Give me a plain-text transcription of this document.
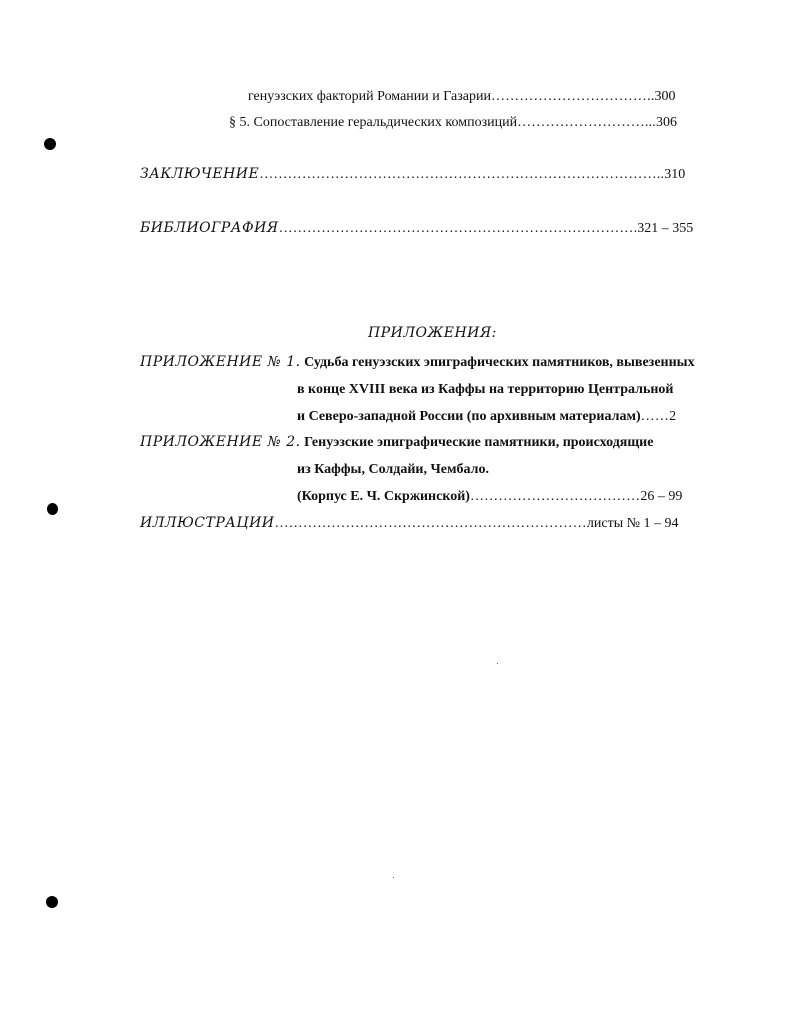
генуэзских факторий Романии и Газарии……………………………..300
§ 5. Сопоставление геральдических композиций………………………...306
ЗАКЛЮЧЕНИЕ…………………………………………………………………………..310
БИБЛИОГРАФИЯ………………………………………………………………….321 – 355
ПРИЛОЖЕНИЯ:
ПРИЛОЖЕНИЕ № 1. Судьба генуэзских эпиграфических памятников, вывезенных
в конце XVIII века из Каффы на территорию Центральной
и Северо-западной России (по архивным материалам)……2
ПРИЛОЖЕНИЕ № 2. Генуэзские эпиграфические памятники, происходящие
из Каффы, Солдайи, Чембало.
(Корпус Е. Ч. Скржинской)………………………………26 – 99
ИЛЛЮСТРАЦИИ…………………………………………………………листы № 1 – 94
